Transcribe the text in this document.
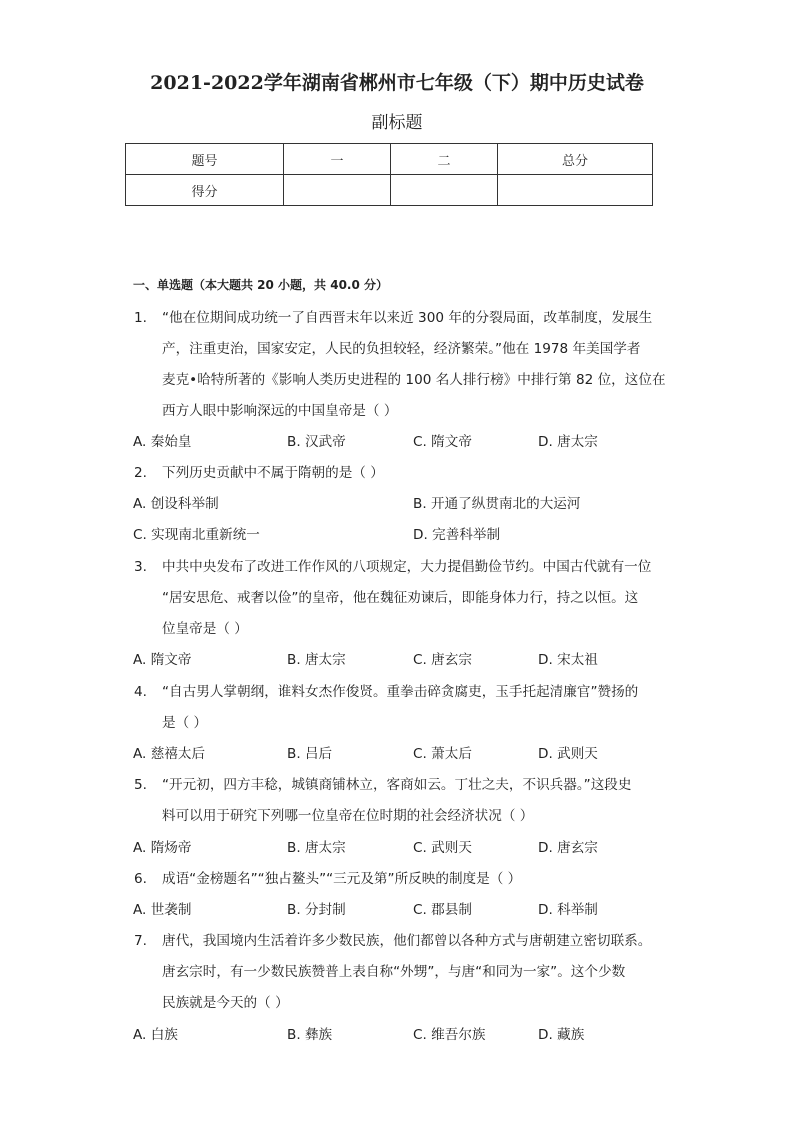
2021-2022学年湖南省郴州市七年级（下）期中历史试卷
副标题
题号	一	二	总分
得分			
一、单选题（本大题共 20 小题，共 40.0 分）
1. “他在位期间成功统一了自西晋末年以来近 300 年的分裂局面，改革制度，发展生
产，注重吏治，国家安定，人民的负担较轻，经济繁荣。”他在 1978 年美国学者
麦克•哈特所著的《影响人类历史进程的 100 名人排行榜》中排行第 82 位，这位在
西方人眼中影响深远的中国皇帝是（ ）
A. 秦始皇	B. 汉武帝	C. 隋文帝	D. 唐太宗
2. 下列历史贡献中不属于隋朝的是（ ）
A. 创设科举制	B. 开通了纵贯南北的大运河
C. 实现南北重新统一	D. 完善科举制
3. 中共中央发布了改进工作作风的八项规定，大力提倡勤俭节约。中国古代就有一位
“居安思危、戒奢以俭”的皇帝，他在魏征劝谏后，即能身体力行，持之以恒。这
位皇帝是（ ）
A. 隋文帝	B. 唐太宗	C. 唐玄宗	D. 宋太祖
4. “自古男人掌朝纲，谁料女杰作俊贤。重拳击碎贪腐吏，玉手托起清廉官”赞扬的
是（ ）
A. 慈禧太后	B. 吕后	C. 萧太后	D. 武则天
5. “开元初，四方丰稔，城镇商铺林立，客商如云。丁壮之夫，不识兵器。”这段史
料可以用于研究下列哪一位皇帝在位时期的社会经济状况（ ）
A. 隋炀帝	B. 唐太宗	C. 武则天	D. 唐玄宗
6. 成语“金榜题名”“独占鳌头”“三元及第”所反映的制度是（ ）
A. 世袭制	B. 分封制	C. 郡县制	D. 科举制
7. 唐代，我国境内生活着许多少数民族，他们都曾以各种方式与唐朝建立密切联系。
唐玄宗时，有一少数民族赞普上表自称“外甥”，与唐“和同为一家”。这个少数
民族就是今天的（ ）
A. 白族	B. 彝族	C. 维吾尔族	D. 藏族
